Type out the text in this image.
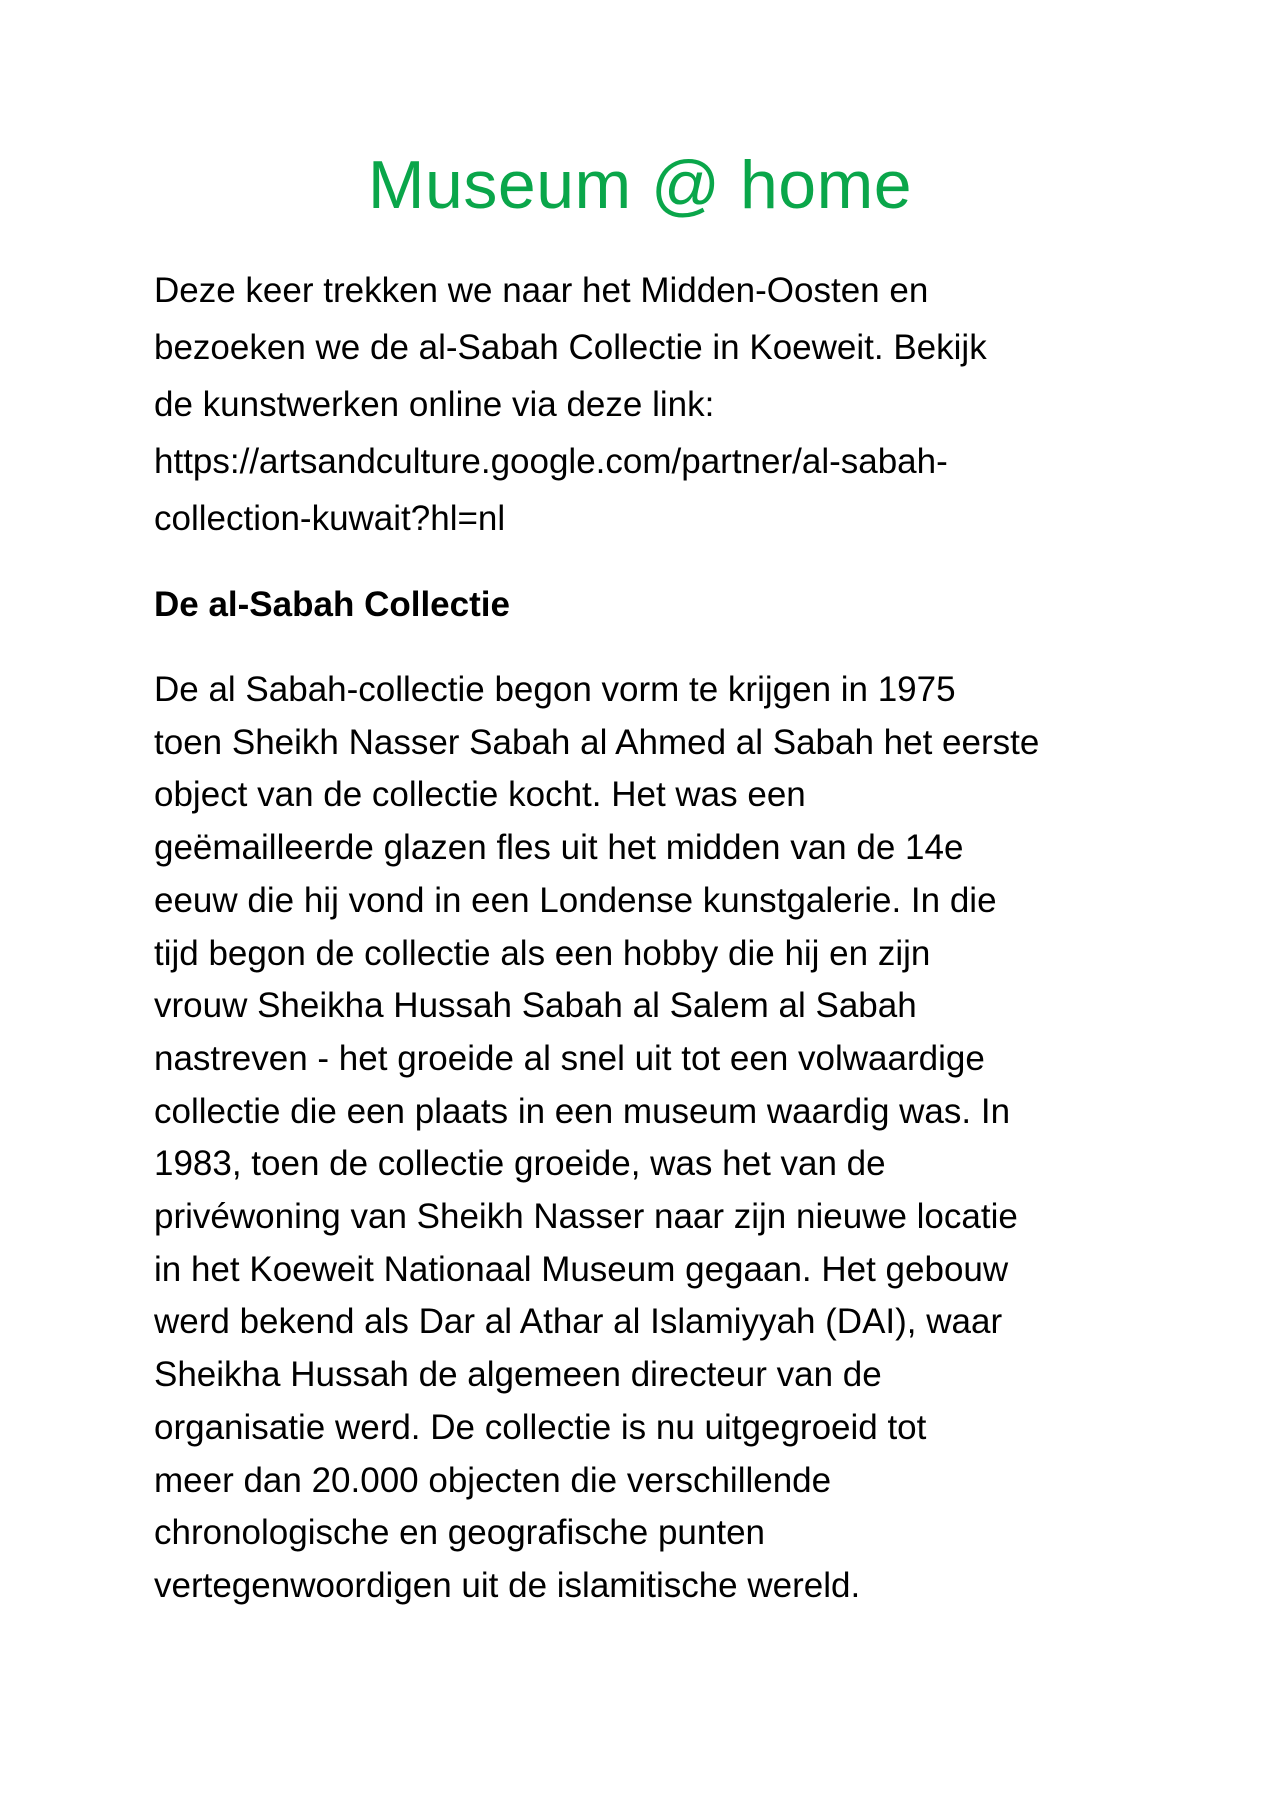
Museum @ home

Deze keer trekken we naar het Midden-Oosten en
bezoeken we de al-Sabah Collectie in Koeweit. Bekijk
de kunstwerken online via deze link:
https://artsandculture.google.com/partner/al-sabah-
collection-kuwait?hl=nl

De al-Sabah Collectie

De al Sabah-collectie begon vorm te krijgen in 1975
toen Sheikh Nasser Sabah al Ahmed al Sabah het eerste
object van de collectie kocht. Het was een
geëmailleerde glazen fles uit het midden van de 14e
eeuw die hij vond in een Londense kunstgalerie. In die
tijd begon de collectie als een hobby die hij en zijn
vrouw Sheikha Hussah Sabah al Salem al Sabah
nastreven - het groeide al snel uit tot een volwaardige
collectie die een plaats in een museum waardig was. In
1983, toen de collectie groeide, was het van de
privéwoning van Sheikh Nasser naar zijn nieuwe locatie
in het Koeweit Nationaal Museum gegaan. Het gebouw
werd bekend als Dar al Athar al Islamiyyah (DAI), waar
Sheikha Hussah de algemeen directeur van de
organisatie werd. De collectie is nu uitgegroeid tot
meer dan 20.000 objecten die verschillende
chronologische en geografische punten
vertegenwoordigen uit de islamitische wereld.
